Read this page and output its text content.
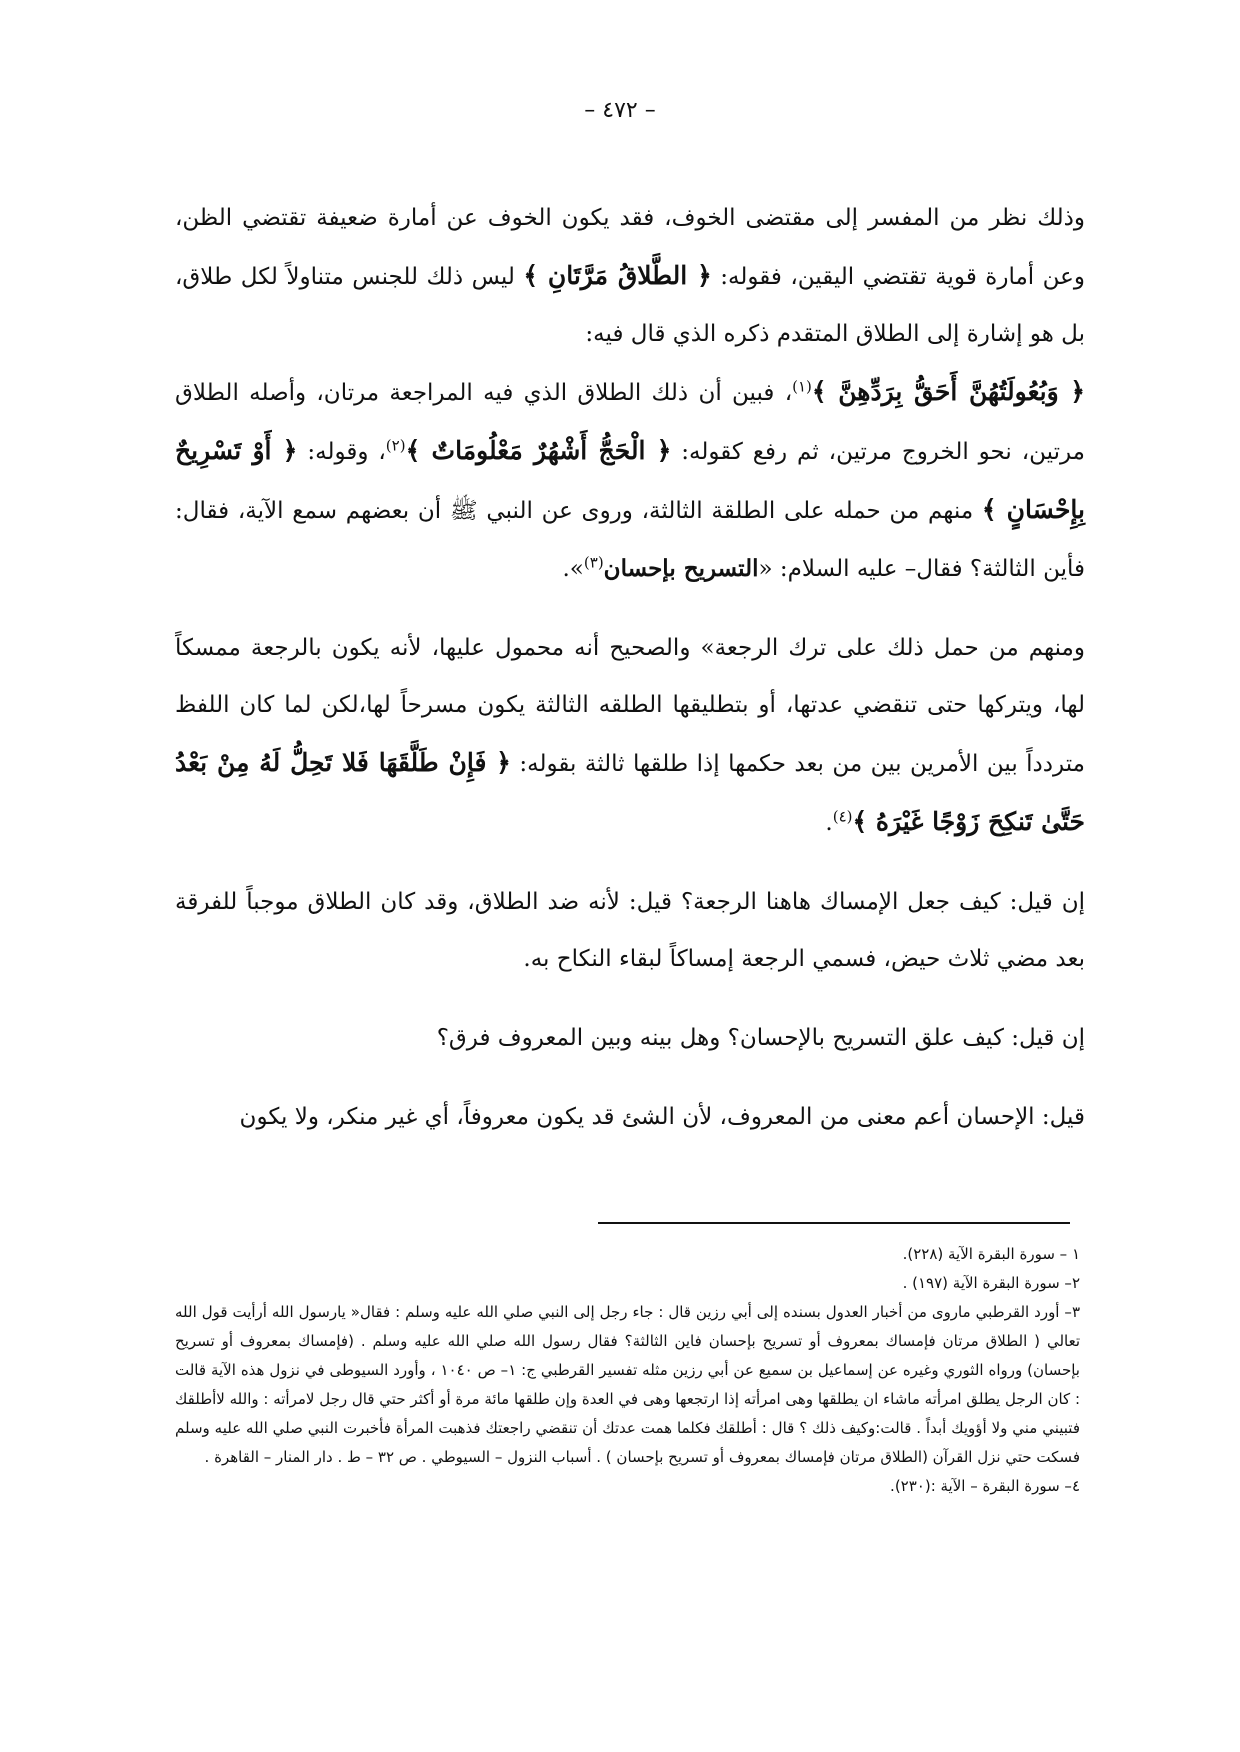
– ٤٧٢ –

وذلك نظر من المفسر إلى مقتضى الخوف، فقد يكون الخوف عن أمارة ضعيفة تقتضي الظن، وعن أمارة قوية تقتضي اليقين، فقوله: ﴿ الطَّلاقُ مَرَّتَانِ ﴾ ليس ذلك للجنس متناولاً لكل طلاق، بل هو إشارة إلى الطلاق المتقدم ذكره الذي قال فيه:
﴿ وَبُعُولَتُهُنَّ أَحَقُّ بِرَدِّهِنَّ ﴾$^{(١)}$، فبين أن ذلك الطلاق الذي فيه المراجعة مرتان، وأصله الطلاق مرتين، نحو الخروج مرتين، ثم رفع كقوله: ﴿ الْحَجُّ أَشْهُرٌ مَعْلُومَاتٌ ﴾$^{(٢)}$، وقوله: ﴿ أَوْ تَسْرِيحٌ بِإِحْسَانٍ ﴾ منهم من حمله على الطلقة الثالثة، وروى عن النبي ﷺ أن بعضهم سمع الآية، فقال: فأين الثالثة؟ فقال– عليه السلام: «التسريح بإحسان$^{(٣)}$».

ومنهم من حمل ذلك على ترك الرجعة» والصحيح أنه محمول عليها، لأنه يكون بالرجعة ممسكاً لها، ويتركها حتى تنقضي عدتها، أو بتطليقها الطلقه الثالثة يكون مسرحاً لها،لكن لما كان اللفظ متردداً بين الأمرين بين من بعد حكمها إذا طلقها ثالثة بقوله: ﴿ فَإِنْ طَلَّقَهَا فَلا تَحِلُّ لَهُ مِنْ بَعْدُ حَتَّىٰ تَنكِحَ زَوْجًا غَيْرَهُ ﴾$^{(٤)}$.

إن قيل: كيف جعل الإمساك هاهنا الرجعة؟ قيل: لأنه ضد الطلاق، وقد كان الطلاق موجباً للفرقة بعد مضي ثلاث حيض، فسمي الرجعة إمساكاً لبقاء النكاح به.

إن قيل: كيف علق التسريح بالإحسان؟ وهل بينه وبين المعروف فرق؟

قيل: الإحسان أعم معنى من المعروف، لأن الشئ قد يكون معروفاً، أي غير منكر، ولا يكون

١ – سورة البقرة الآية (٢٢٨).

٢– سورة البقرة الآية (١٩٧) .

٣– أورد القرطبي ماروى من أخبار العدول بسنده إلى أبي رزين قال : جاء رجل إلى النبي صلي الله عليه وسلم : فقال« يارسول الله أرأيت قول الله تعالي ( الطلاق مرتان فإمساك بمعروف أو تسريح بإحسان فاين الثالثة؟ فقال رسول الله صلي الله عليه وسلم . (فإمساك بمعروف أو تسريح بإحسان) ورواه الثوري وغيره عن إسماعيل بن سميع عن أبي رزين مثله تفسير القرطبي ج: ١– ص ١٠٤٠ ، وأورد السيوطى في نزول هذه الآية قالت : كان الرجل يطلق امرأته ماشاء ان يطلقها وهى امرأته إذا ارتجعها وهى في العدة وإن طلقها مائة مرة أو أكثر حتي قال رجل لامرأته : والله لاأطلقك فتبيني مني ولا أؤويك أبداً . قالت:وكيف ذلك ؟ قال : أطلقك فكلما همت عدتك أن تنقضي راجعتك فذهبت المرأة فأخبرت النبي صلي الله عليه وسلم فسكت حتي نزل القرآن (الطلاق مرتان فإمساك بمعروف أو تسريح بإحسان ) . أسباب النزول – السيوطي . ص ٣٢ – ط . دار المنار – القاهرة .

٤– سورة البقرة – الآية :(٢٣٠).
